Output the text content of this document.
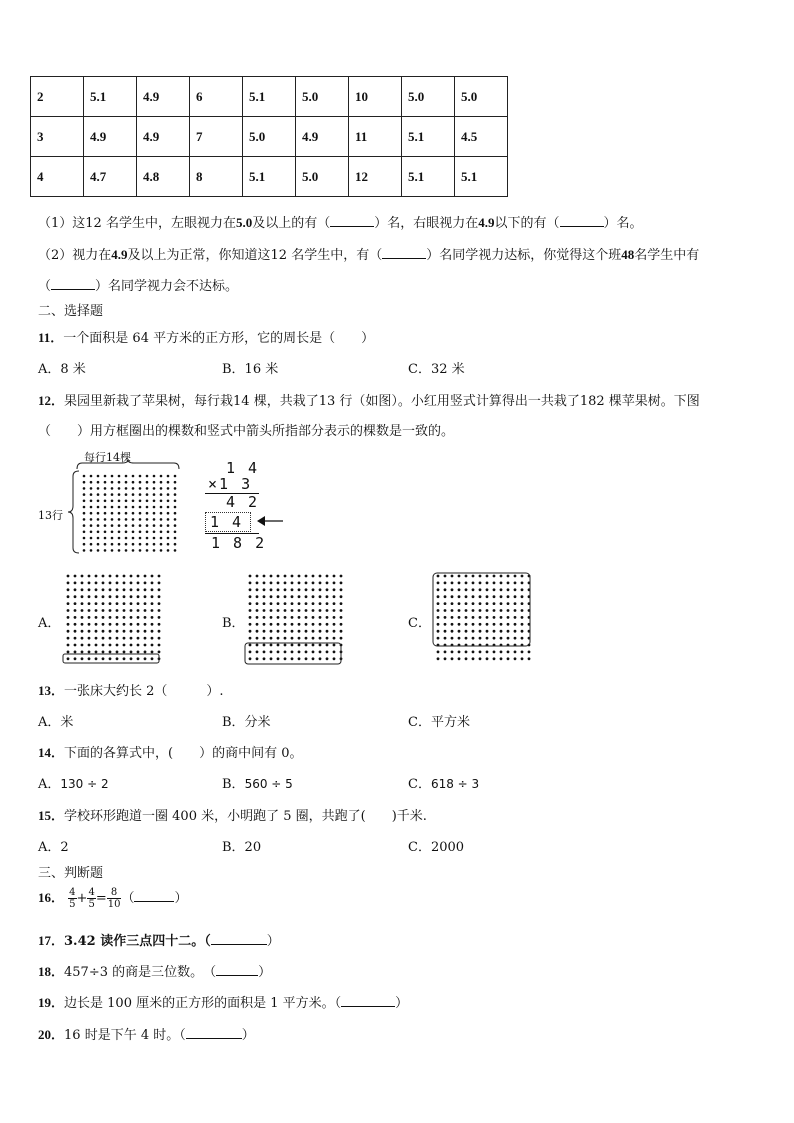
2	5.1	4.9	6	5.1	5.0	10	5.0	5.0
3	4.9	4.9	7	5.0	4.9	11	5.1	4.5
4	4.7	4.8	8	5.1	5.0	12	5.1	5.1
（1）这12 名学生中，左眼视力在5.0及以上的有（	）名，右眼视力在4.9以下的有（	）名。
（2）视力在4.9及以上为正常，你知道这12 名学生中，有（	）名同学视力达标，你觉得这个班48名学生中有
（	）名同学视力会不达标。
二、选择题
11．一个面积是 64 平方米的正方形，它的周长是（　　）
A．8 米	B．16 米	C．32 米
12．果园里新栽了苹果树，每行栽14 棵，共栽了13 行（如图）。小红用竖式计算得出一共栽了182 棵苹果树。下图
（　　）用方框圈出的棵数和竖式中箭头所指部分表示的棵数是一致的。
每行14棵
13行
1 4
×1 3
4 2
1 4
1 8 2
A．	B．	C．
13．一张床大约长 2（　　　）.
A．米	B．分米	C．平方米
14．下面的各算式中，(　　）的商中间有 0。
A．130 ÷ 2	B．560 ÷ 5	C．618 ÷ 3
15．学校环形跑道一圈 400 米，小明跑了 5 圈，共跑了(　　)千米.
A．2	B．20	C．2000
三、判断题
16． $\frac{4}{5} + \frac{4}{5} = \frac{8}{10}$ （	）
17．3.42 读作三点四十二。（	）
18．457÷3 的商是三位数。　（	）
19．边长是 100 厘米的正方形的面积是 1 平方米。（	）
20．16 时是下午 4 时。（	）
